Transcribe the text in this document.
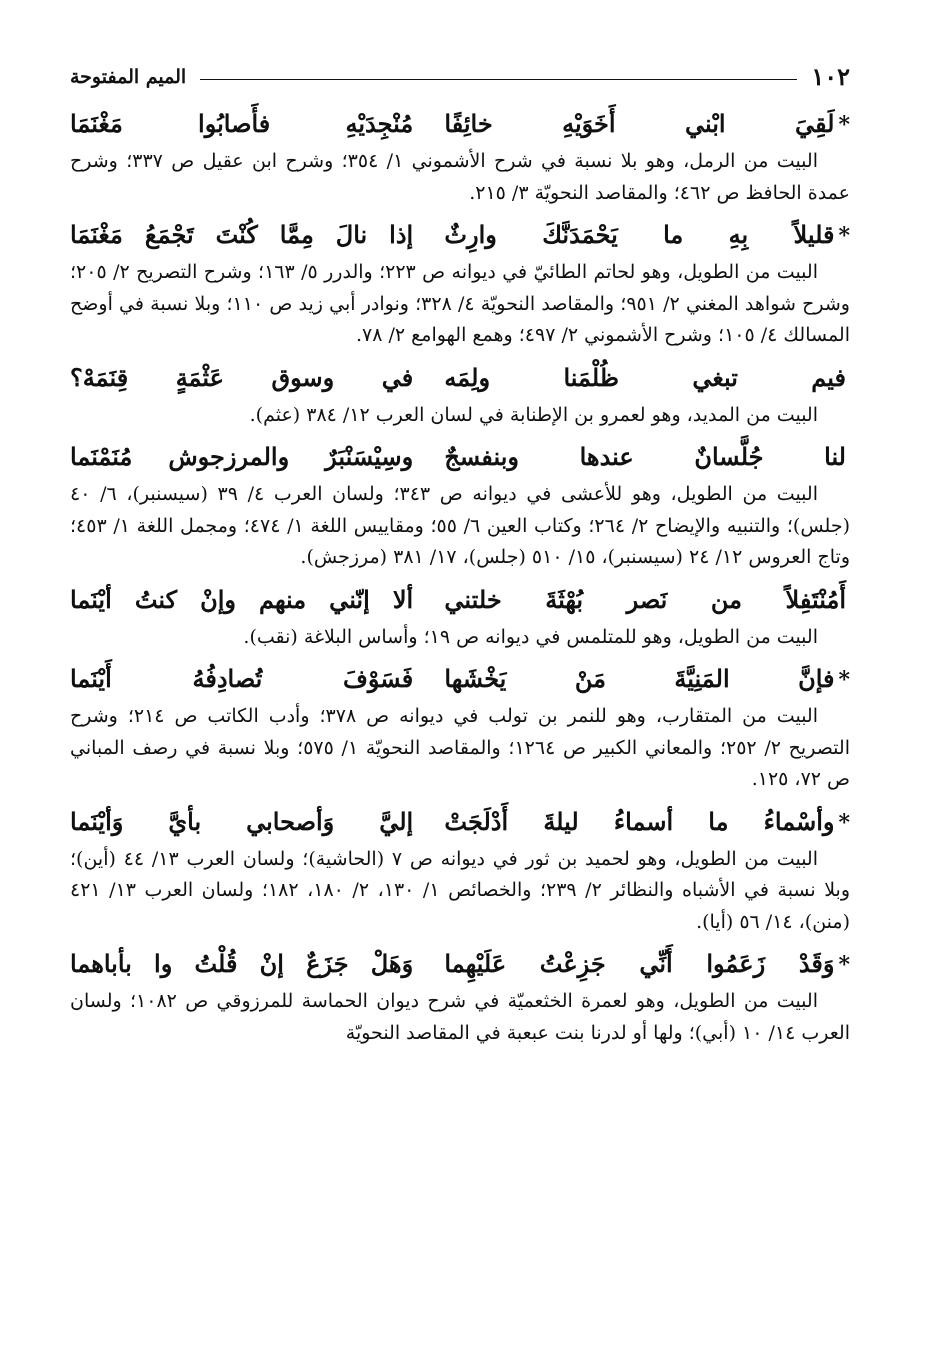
١٠٢
الميم المفتوحة
*لَقِيَ ابْني أَخَوَيْهِ خائِفًا
مُنْجِدَيْهِ فأَصابُوا مَغْنَمَا

البيت من الرمل، وهو بلا نسبة في شرح الأشموني ١/ ٣٥٤؛ وشرح ابن عقيل ص ٣٣٧؛ وشرح عمدة الحافظ ص ٤٦٢؛ والمقاصد النحويّة ٣/ ٢١٥.

*قليلاً بِهِ ما يَحْمَدَنَّكَ وارِثٌ
إذا نالَ مِمَّا كُنْتَ تَجْمَعُ مَغْنَمَا

البيت من الطويل، وهو لحاتم الطائيّ في ديوانه ص ٢٢٣؛ والدرر ٥/ ١٦٣؛ وشرح التصريح ٢/ ٢٠٥؛ وشرح شواهد المغني ٢/ ٩٥١؛ والمقاصد النحويّة ٤/ ٣٢٨؛ ونوادر أبي زيد ص ١١٠؛ وبلا نسبة في أوضح المسالك ٤/ ١٠٥؛ وشرح الأشموني ٢/ ٤٩٧؛ وهمع الهوامع ٢/ ٧٨.

فيم تبغي ظُلْمَنا ولِمَه
في وسوق عَثْمَةٍ قِنَمَهْ؟

البيت من المديد، وهو لعمرو بن الإطنابة في لسان العرب ١٢/ ٣٨٤ (عثم).

لنا جُلَّسانٌ عندها وبنفسجٌ
وسِيْسَنْبَرٌ والمرزجوش مُنَمْنَما

البيت من الطويل، وهو للأعشى في ديوانه ص ٣٤٣؛ ولسان العرب ٤/ ٣٩ (سيسنبر)، ٦/ ٤٠ (جلس)؛ والتنبيه والإيضاح ٢/ ٢٦٤؛ وكتاب العين ٦/ ٥٥؛ ومقاييس اللغة ١/ ٤٧٤؛ ومجمل اللغة ١/ ٤٥٣؛ وتاج العروس ١٢/ ٢٤ (سيسنبر)، ١٥/ ٥١٠ (جلس)، ١٧/ ٣٨١ (مرزجش).

أَمُنْتَفِلاً من نَصر بُهْثَةَ خلتني
ألا إنّني منهم وإنْ كنتُ أيْنَما

البيت من الطويل، وهو للمتلمس في ديوانه ص ١٩؛ وأساس البلاغة (نقب).

*فإنَّ المَنِيَّةَ مَنْ يَخْشَها
فَسَوْفَ تُصادِفُهُ أَيْنَما

البيت من المتقارب، وهو للنمر بن تولب في ديوانه ص ٣٧٨؛ وأدب الكاتب ص ٢١٤؛ وشرح التصريح ٢/ ٢٥٢؛ والمعاني الكبير ص ١٢٦٤؛ والمقاصد النحويّة ١/ ٥٧٥؛ وبلا نسبة في رصف المباني ص ٧٢، ١٢٥.

*وأسْماءُ ما أسماءُ ليلةَ أَدْلَجَتْ
إليَّ وَأصحابي بأيَّ وَأيْنَما

البيت من الطويل، وهو لحميد بن ثور في ديوانه ص ٧ (الحاشية)؛ ولسان العرب ١٣/ ٤٤ (أين)؛ وبلا نسبة في الأشباه والنظائر ٢/ ٢٣٩؛ والخصائص ١/ ١٣٠، ٢/ ١٨٠، ١٨٢؛ ولسان العرب ١٣/ ٤٢١ (منن)، ١٤/ ٥٦ (أيا).

*وَقَدْ زَعَمُوا أَنِّي جَزِعْتُ عَلَيْهِما
وَهَلْ جَزَعٌ إنْ قُلْتُ وا بأباهما

البيت من الطويل، وهو لعمرة الخثعميّة في شرح ديوان الحماسة للمرزوقي ص ١٠٨٢؛ ولسان العرب ١٤/ ١٠ (أبي)؛ ولها أو لدرنا بنت عبعبة في المقاصد النحويّة
